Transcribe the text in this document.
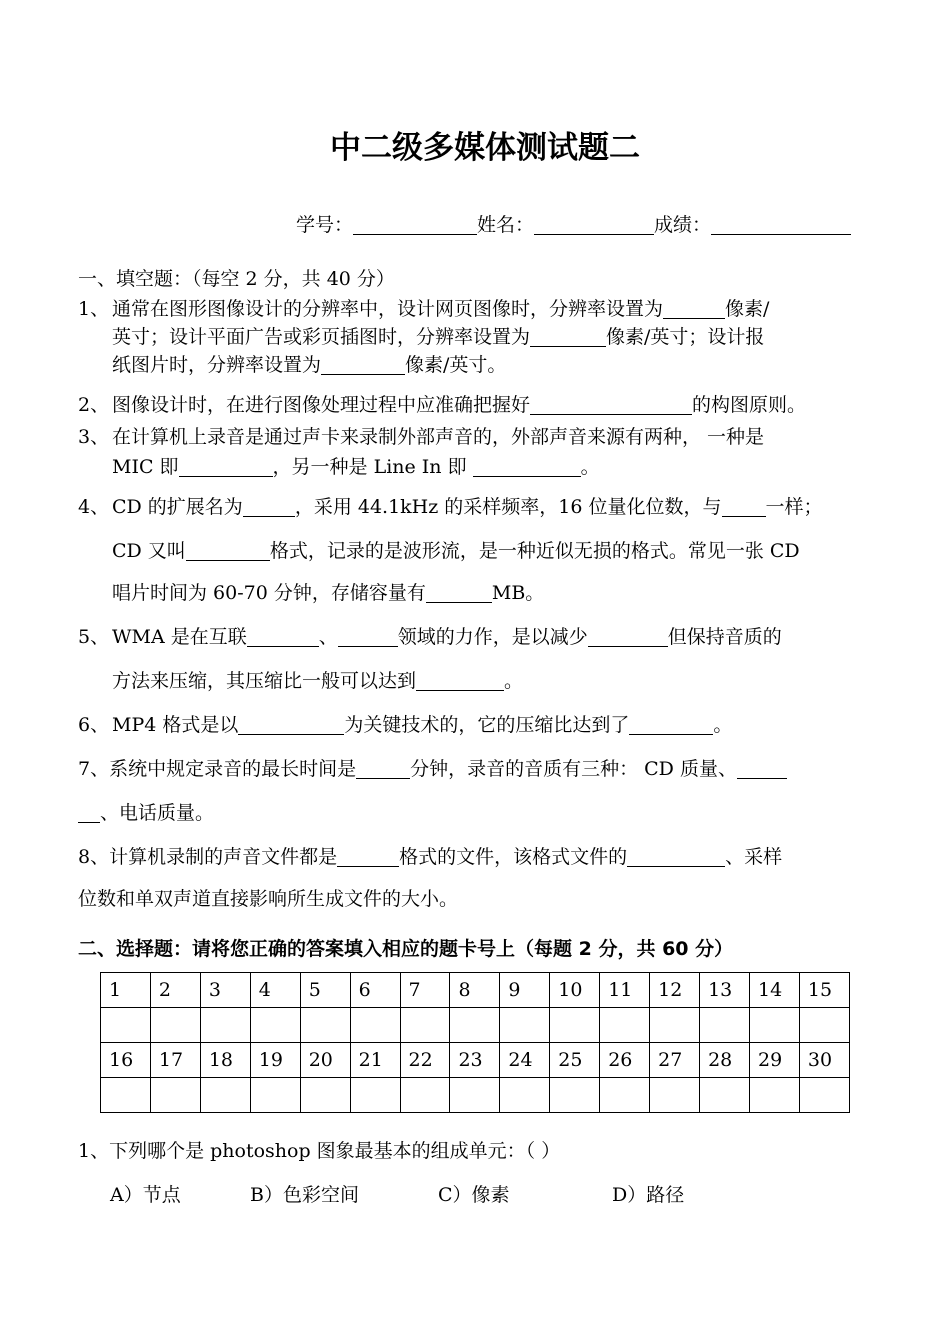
中二级多媒体测试题二
学号：	姓名：	成绩：
一、填空题：（每空 2 分，共 40 分）
1、 通常在图形图像设计的分辨率中，设计网页图像时，分辨率设置为	像素/
英寸；设计平面广告或彩页插图时，分辨率设置为	像素/英寸；设计报
纸图片时，分辨率设置为	像素/英寸。
2、 图像设计时，在进行图像处理过程中应准确把握好	的构图原则。
3、 在计算机上录音是通过声卡来录制外部声音的，外部声音来源有两种， 一种是
MIC 即	，另一种是 Line In 即	。
4、 CD 的扩展名为	，采用 44.1kHz 的采样频率，16 位量化位数，与 一样；
CD 又叫	格式，记录的是波形流，是一种近似无损的格式。常见一张 CD
唱片时间为 60-70 分钟，存储容量有	MB。
5、 WMA 是在互联	、	领域的力作，是以减少	但保持音质的
方法来压缩，其压缩比一般可以达到	。
6、 MP4 格式是以	为关键技术的，它的压缩比达到了	。
7、系统中规定录音的最长时间是	分钟，录音的音质有三种： CD 质量、
、电话质量。
8、计算机录制的声音文件都是	格式的文件，该格式文件的	、采样
位数和单双声道直接影响所生成文件的大小。
二、选择题：请将您正确的答案填入相应的题卡号上（每题 2 分，共 60 分）
1	2	3	4	5	6	7	8	9	10	11	12	13	14	15

16	17	18	19	20	21	22	23	24	25	26	27	28	29	30

1、下列哪个是 photoshop 图象最基本的组成单元：（ ）
A）节点	B）色彩空间	C）像素	D）路径
